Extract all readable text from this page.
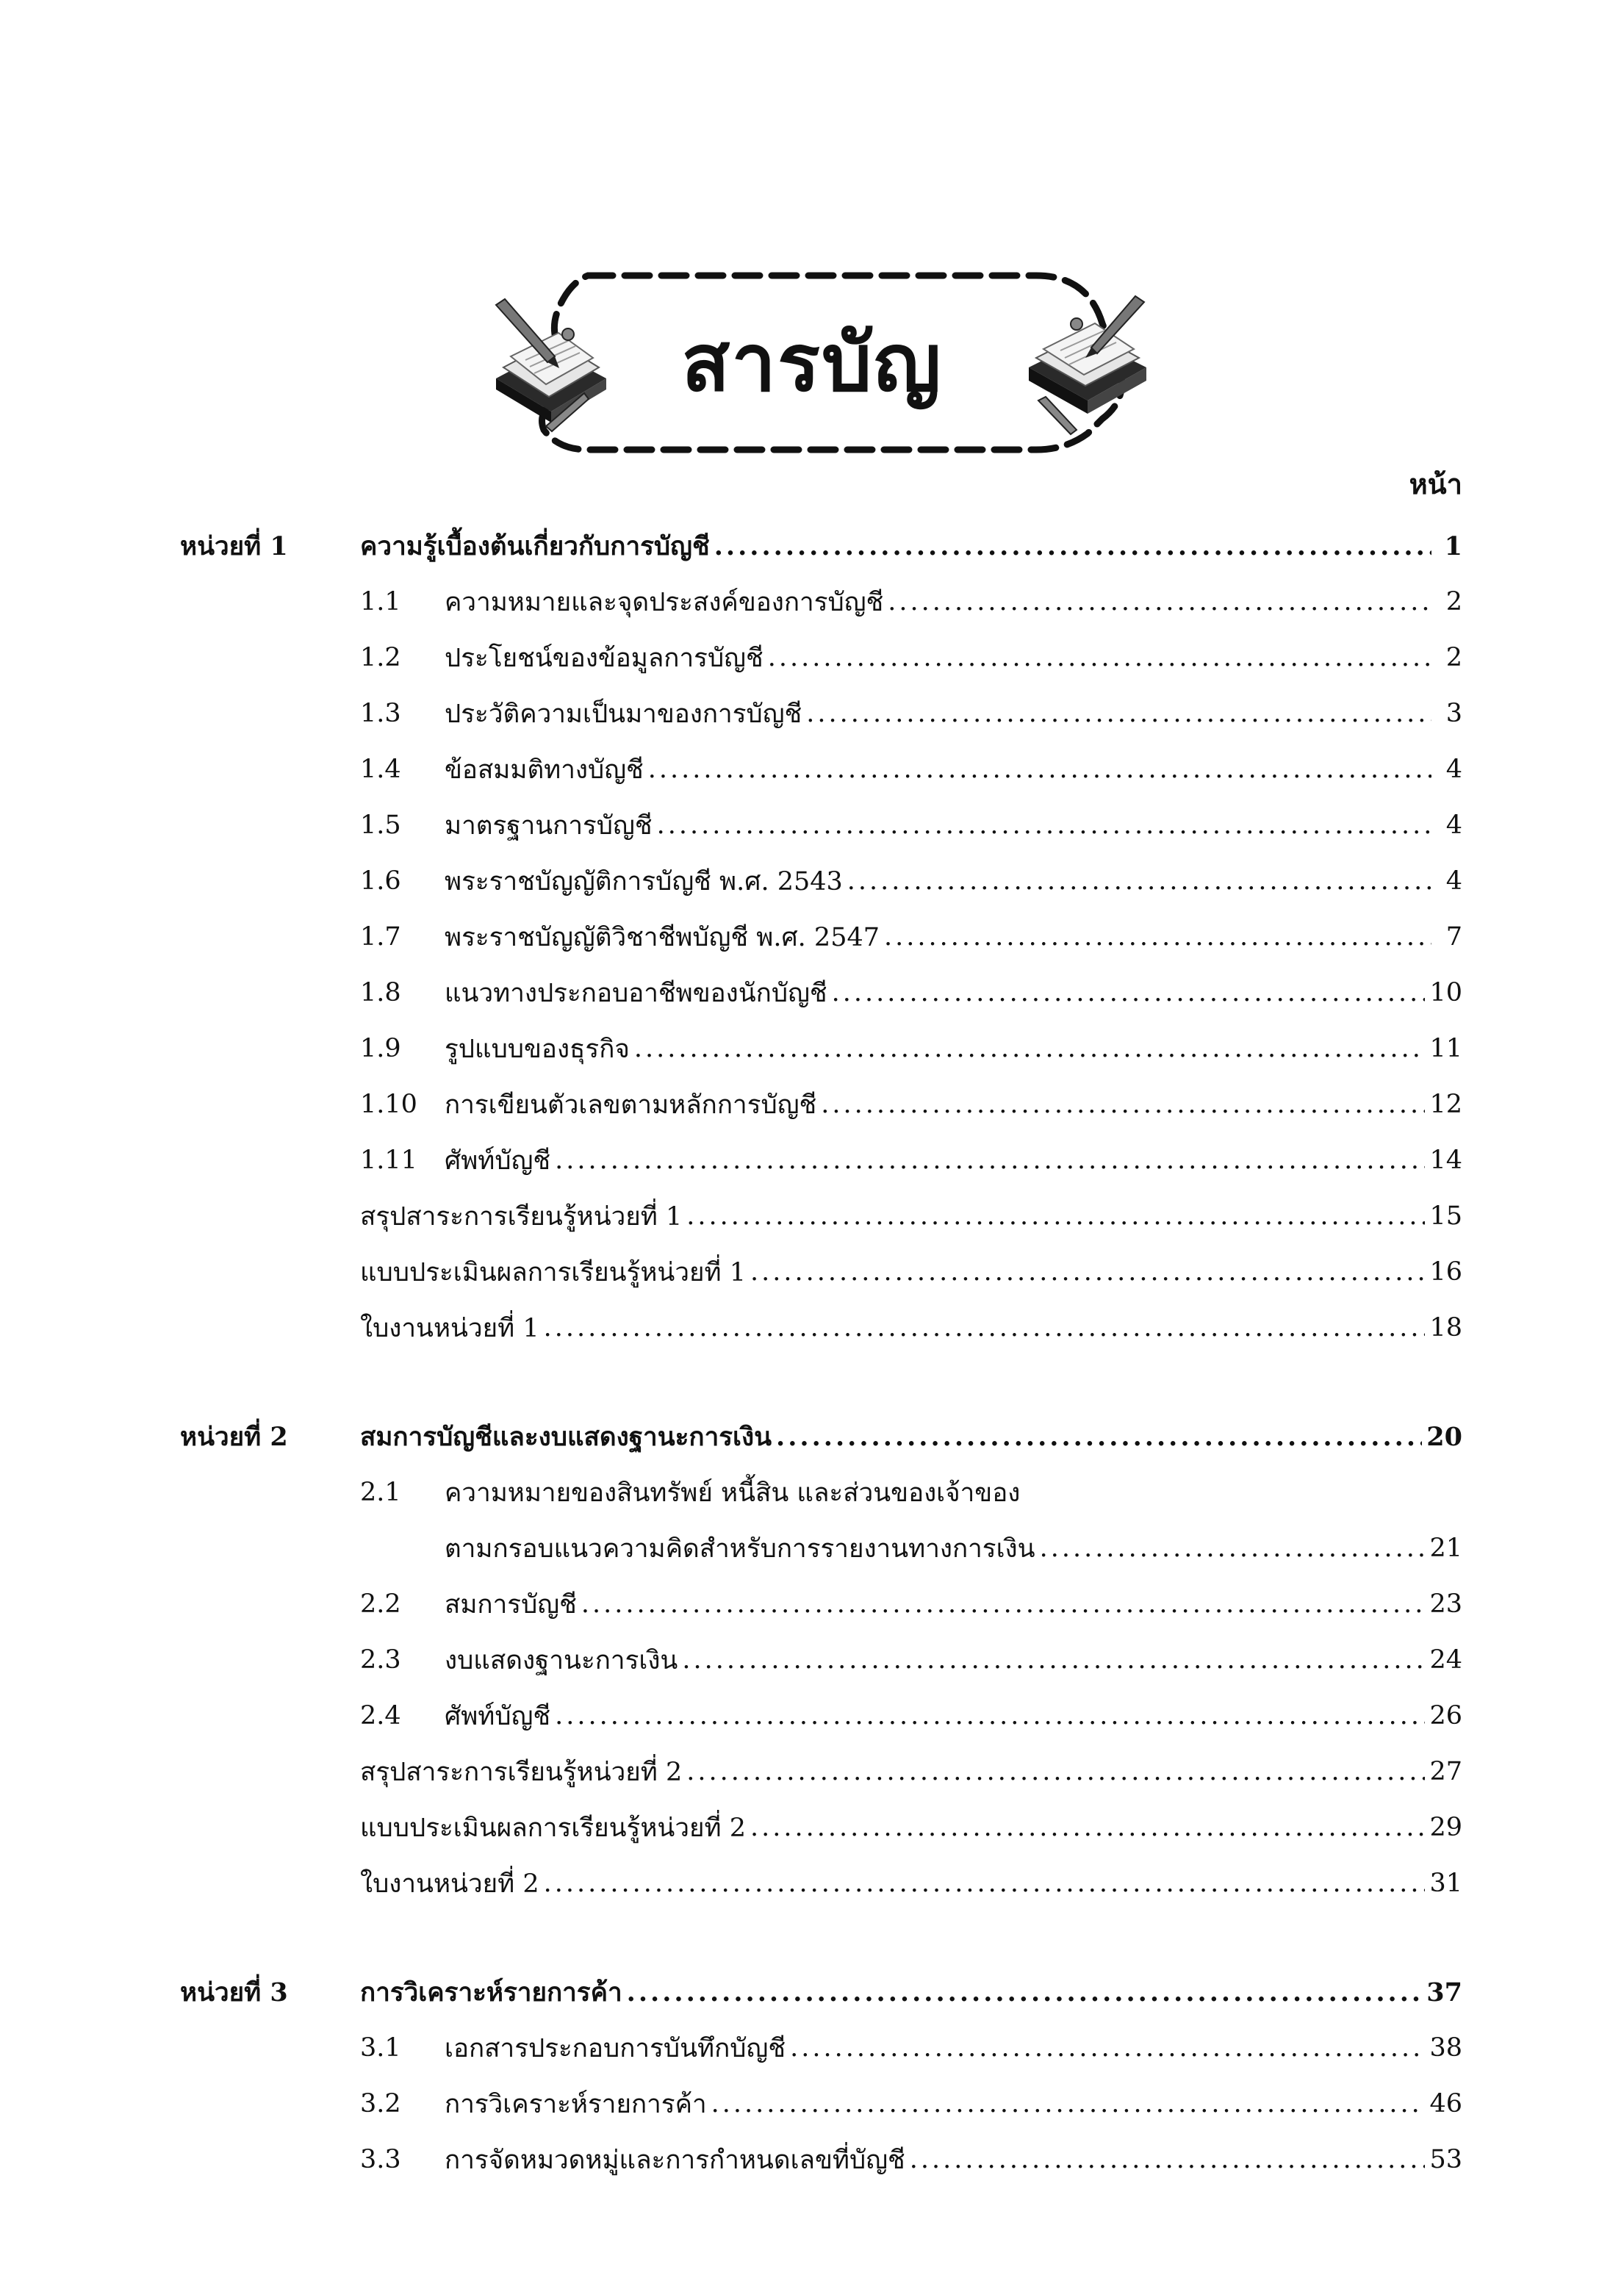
สารบัญ
หน้า
หน่วยที่ 1	ความรู้เบื้องต้นเกี่ยวกับการบัญชี .....	1
1.1	ความหมายและจุดประสงค์ของการบัญชี .....	2
1.2	ประโยชน์ของข้อมูลการบัญชี .....	2
1.3	ประวัติความเป็นมาของการบัญชี .....	3
1.4	ข้อสมมติทางบัญชี .....	4
1.5	มาตรฐานการบัญชี .....	4
1.6	พระราชบัญญัติการบัญชี พ.ศ. 2543 .....	4
1.7	พระราชบัญญัติวิชาชีพบัญชี พ.ศ. 2547 .....	7
1.8	แนวทางประกอบอาชีพของนักบัญชี .....	10
1.9	รูปแบบของธุรกิจ .....	11
1.10	การเขียนตัวเลขตามหลักการบัญชี .....	12
1.11	ศัพท์บัญชี .....	14
สรุปสาระการเรียนรู้หน่วยที่ 1 .....	15
แบบประเมินผลการเรียนรู้หน่วยที่ 1 .....	16
ใบงานหน่วยที่ 1 .....	18
หน่วยที่ 2	สมการบัญชีและงบแสดงฐานะการเงิน .....	20
2.1	ความหมายของสินทรัพย์ หนี้สิน และส่วนของเจ้าของ
ตามกรอบแนวความคิดสำหรับการรายงานทางการเงิน .....	21
2.2	สมการบัญชี .....	23
2.3	งบแสดงฐานะการเงิน .....	24
2.4	ศัพท์บัญชี .....	26
สรุปสาระการเรียนรู้หน่วยที่ 2 .....	27
แบบประเมินผลการเรียนรู้หน่วยที่ 2 .....	29
ใบงานหน่วยที่ 2 .....	31
หน่วยที่ 3	การวิเคราะห์รายการค้า .....	37
3.1	เอกสารประกอบการบันทึกบัญชี .....	38
3.2	การวิเคราะห์รายการค้า .....	46
3.3	การจัดหมวดหมู่และการกำหนดเลขที่บัญชี .....	53
